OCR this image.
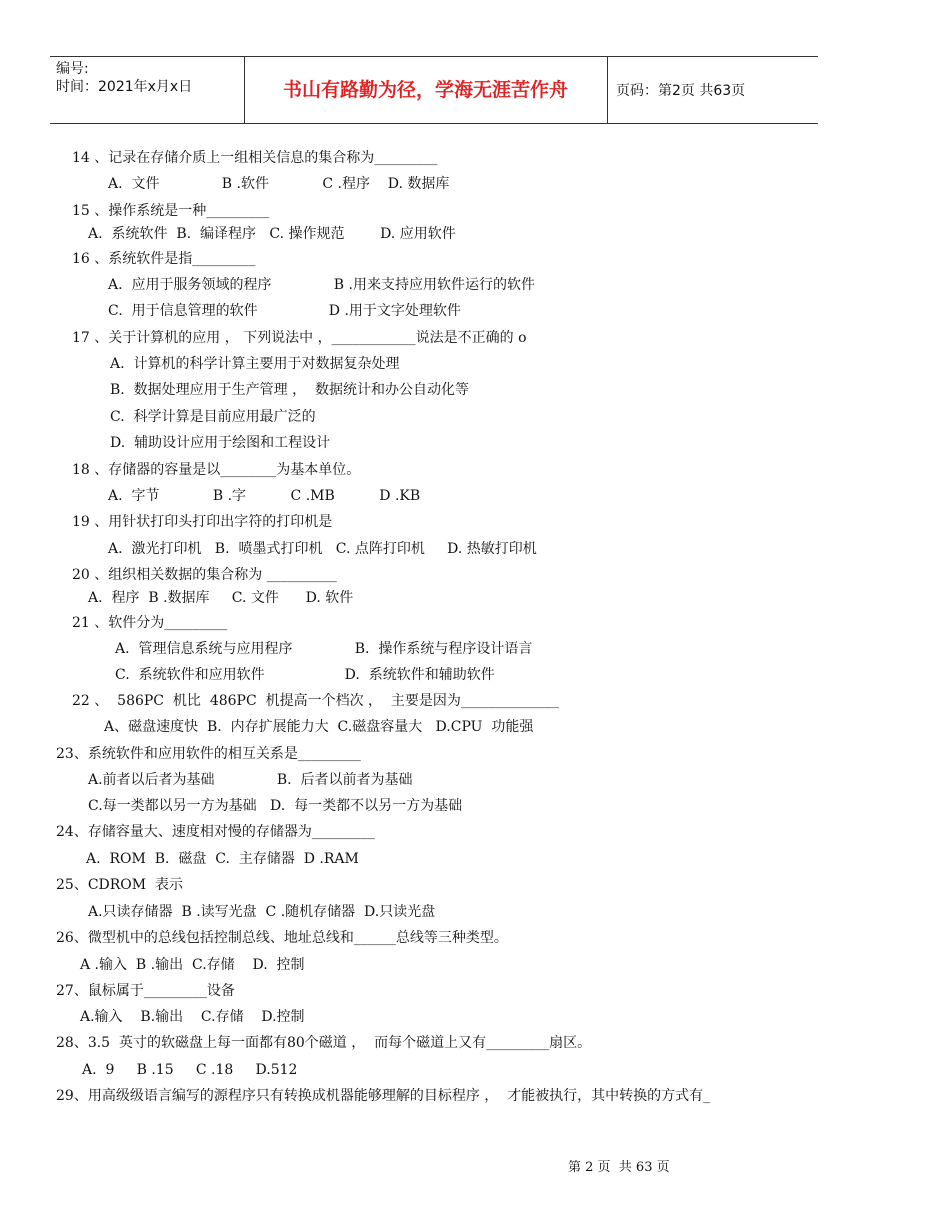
编号:
时间：2021年x月x日	书山有路勤为径，学海无涯苦作舟	页码：第2页 共63页
14 、记录在存储介质上一组相关信息的集合称为_________
A.  文件              B .软件            C .程序    D. 数据库
15 、操作系统是一种_________
A.  系统软件  B.  编译程序   C. 操作规范        D. 应用软件
16 、系统软件是指_________
A.  应用于服务领域的程序              B .用来支持应用软件运行的软件
C.  用于信息管理的软件                D .用于文字处理软件
17 、关于计算机的应用 ， 下列说法中 ，____________说法是不正确的 o
A.  计算机的科学计算主要用于对数据复杂处理
B.  数据处理应用于生产管理 ，  数据统计和办公自动化等
C.  科学计算是目前应用最广泛的
D.  辅助设计应用于绘图和工程设计
18 、存储器的容量是以________为基本单位。
A.  字节            B .字          C .MB          D .KB
19 、用针状打印头打印出字符的打印机是
A.  激光打印机   B.  喷墨式打印机   C. 点阵打印机     D. 热敏打印机
20 、组织相关数据的集合称为 __________
A.  程序  B .数据库     C. 文件      D. 软件
21 、软件分为_________
A.  管理信息系统与应用程序              B.  操作系统与程序设计语言
C.  系统软件和应用软件                  D.  系统软件和辅助软件
22 、  586PC  机比  486PC  机提高一个档次 ，  主要是因为______________
A、磁盘速度快  B.  内存扩展能力大  C.磁盘容量大   D.CPU  功能强
23、系统软件和应用软件的相互关系是_________
A.前者以后者为基础              B.  后者以前者为基础
C.每一类都以另一方为基础   D.  每一类都不以另一方为基础
24、存储容量大、速度相对慢的存储器为_________
A.  ROM  B.  磁盘  C.  主存储器  D .RAM
25、CDROM  表示
A.只读存储器  B .读写光盘  C .随机存储器  D.只读光盘
26、微型机中的总线包括控制总线、地址总线和______总线等三种类型。
A .输入  B .输出  C.存储    D.  控制
27、鼠标属于_________设备
A.输入    B.输出    C.存储    D.控制
28、3.5  英寸的软磁盘上每一面都有80个磁道 ，  而每个磁道上又有_________扇区。
A.  9     B .15     C .18     D.512
29、用高级级语言编写的源程序只有转换成机器能够理解的目标程序 ，  才能被执行，其中转换的方式有_
第 2 页  共 63 页
